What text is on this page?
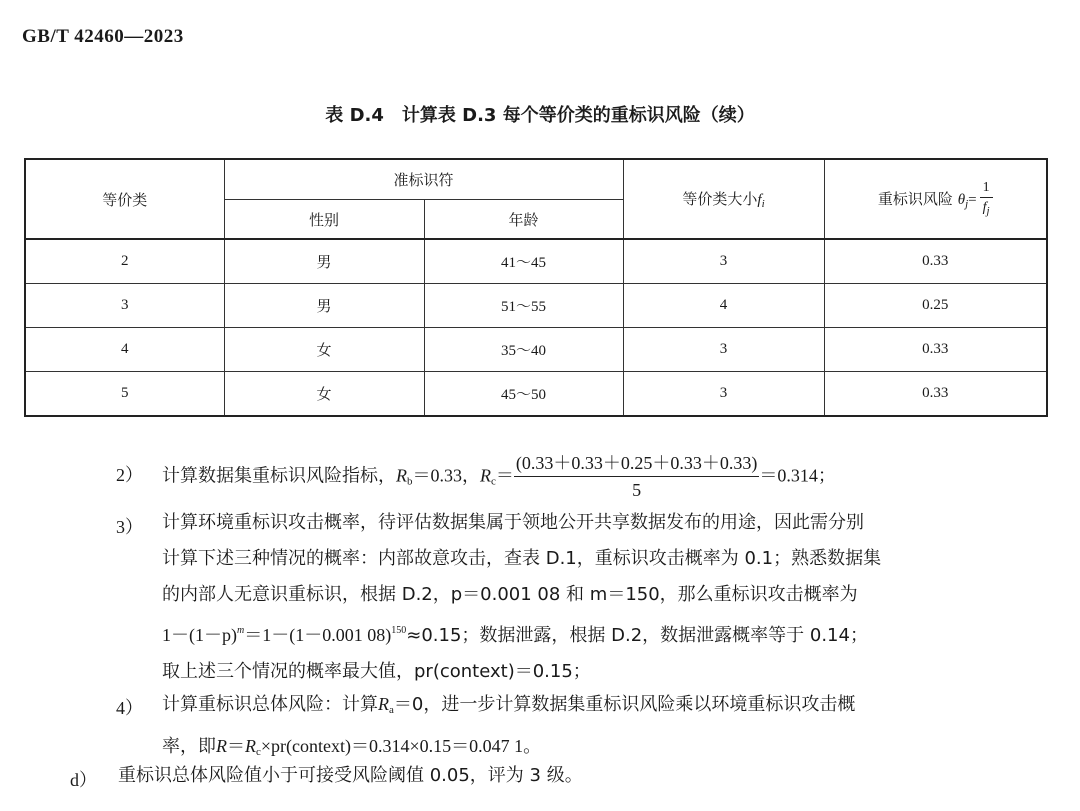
GB/T 42460—2023
表 D.4　计算表 D.3 每个等价类的重标识风险（续）
等价类	准标识符		等价类大小$f_i$	重标识风险 $\theta_j= \frac{1}{f_j}$

	性别	年龄		
2	男	41～45	3	0.33
3	男	51～55	4	0.25
4	女	35～40	3	0.33
5	女	45～50	3	0.33
2） 计算数据集重标识风险指标，$R_b=0.33$，$R_c= \frac{(0.33+0.33+0.25+0.33+0.33)}{5} =0.314$；
3） 计算环境重标识攻击概率，待评估数据集属于领地公开共享数据发布的用途，因此需分别
计算下述三种情况的概率：内部故意攻击，查表 D.1，重标识攻击概率为 0.1；熟悉数据集
的内部人无意识重标识，根据 D.2，p＝0.001 08 和 m＝150，那么重标识攻击概率为
$1-(1-p)^m=1-(1-0.001$ 08)$^{150}$≈0.15；数据泄露，根据 D.2，数据泄露概率等于 0.14；
取上述三个情况的概率最大值，pr(context)＝0.15；
4） 计算重标识总体风险：计算$R_a=0$，进一步计算数据集重标识风险乘以环境重标识攻击概
率，即$R=R_c\times pr(context)=0.314\times 0.15=0.047$ 1。
d） 重标识总体风险值小于可接受风险阈值 0.05，评为 3 级。
